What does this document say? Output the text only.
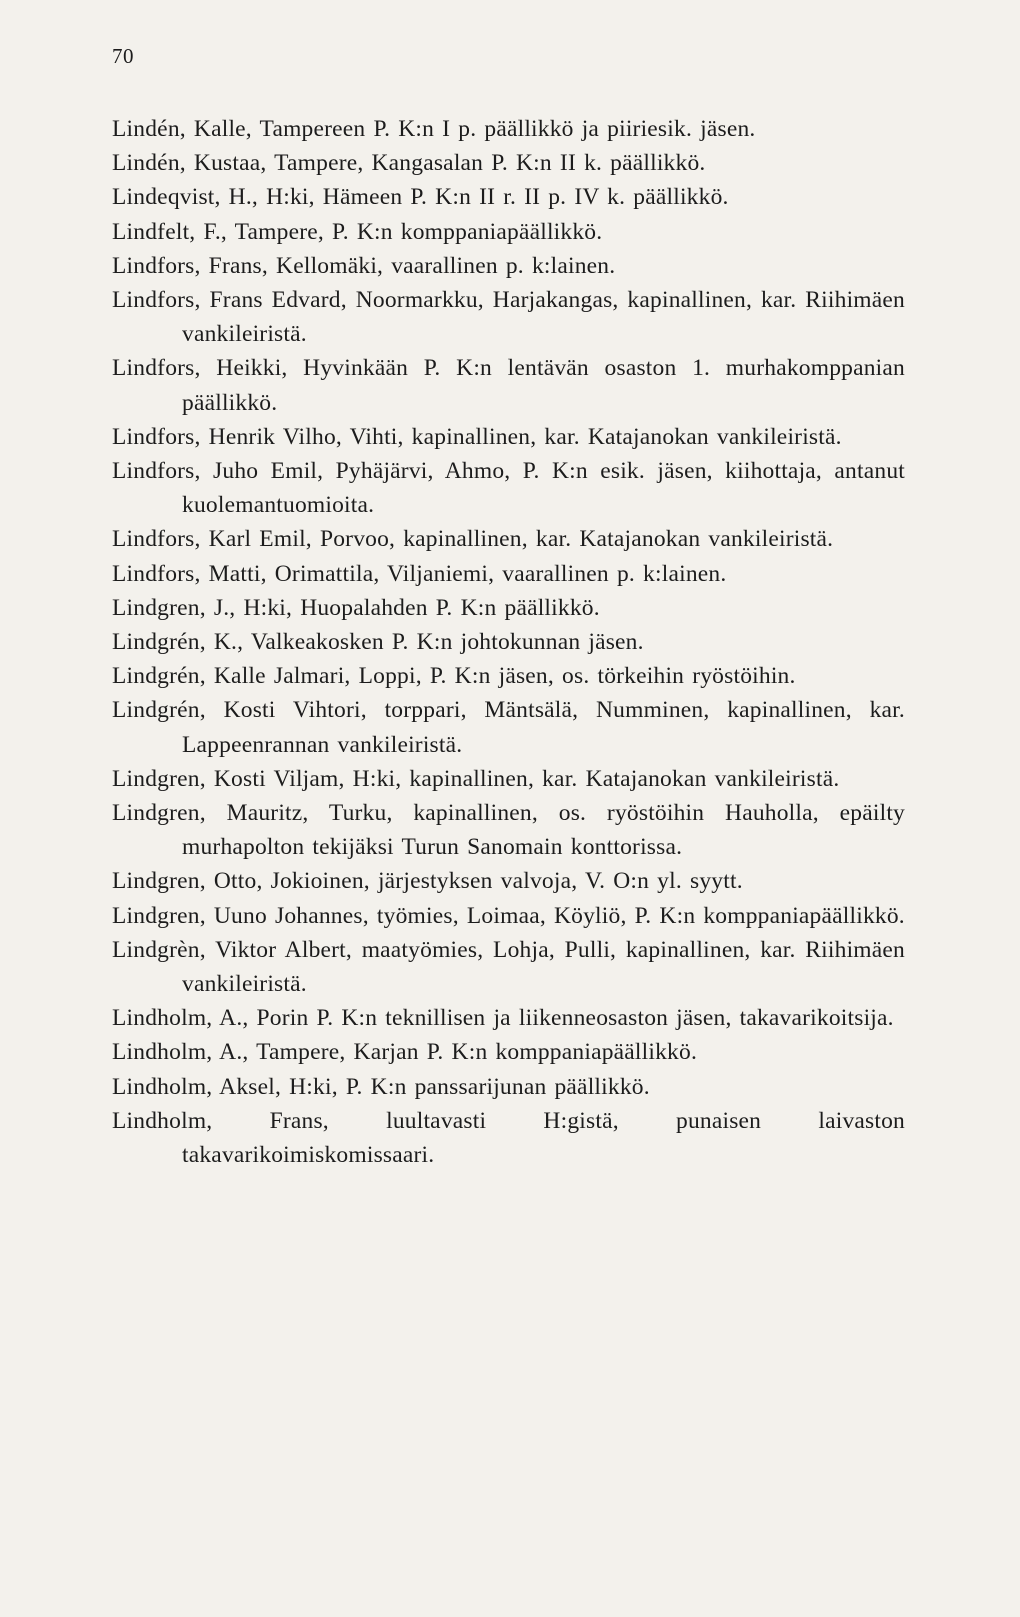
70

Lindén, Kalle, Tampereen P. K:n I p. päällikkö ja piiriesik. jäsen.

Lindén, Kustaa, Tampere, Kangasalan P. K:n II k. päällikkö.

Lindeqvist, H., H:ki, Hämeen P. K:n II r. II p. IV k. päällikkö.

Lindfelt, F., Tampere, P. K:n komppaniapäällikkö.

Lindfors, Frans, Kellomäki, vaarallinen p. k:lainen.

Lindfors, Frans Edvard, Noormarkku, Harjakangas, kapinallinen, kar. Riihimäen vankileiristä.

Lindfors, Heikki, Hyvinkään P. K:n lentävän osaston 1. murhakomppanian päällikkö.

Lindfors, Henrik Vilho, Vihti, kapinallinen, kar. Katajanokan vankileiristä.

Lindfors, Juho Emil, Pyhäjärvi, Ahmo, P. K:n esik. jäsen, kiihottaja, antanut kuolemantuomioita.

Lindfors, Karl Emil, Porvoo, kapinallinen, kar. Katajanokan vankileiristä.

Lindfors, Matti, Orimattila, Viljaniemi, vaarallinen p. k:lainen.

Lindgren, J., H:ki, Huopalahden P. K:n päällikkö.

Lindgrén, K., Valkeakosken P. K:n johtokunnan jäsen.

Lindgrén, Kalle Jalmari, Loppi, P. K:n jäsen, os. törkeihin ryöstöihin.

Lindgrén, Kosti Vihtori, torppari, Mäntsälä, Numminen, kapinallinen, kar. Lappeenrannan vankileiristä.

Lindgren, Kosti Viljam, H:ki, kapinallinen, kar. Katajanokan vankileiristä.

Lindgren, Mauritz, Turku, kapinallinen, os. ryöstöihin Hauholla, epäilty murhapolton tekijäksi Turun Sanomain konttorissa.

Lindgren, Otto, Jokioinen, järjestyksen valvoja, V. O:n yl. syytt.

Lindgren, Uuno Johannes, työmies, Loimaa, Köyliö, P. K:n komppaniapäällikkö.

Lindgrèn, Viktor Albert, maatyömies, Lohja, Pulli, kapinallinen, kar. Riihimäen vankileiristä.

Lindholm, A., Porin P. K:n teknillisen ja liikenneosaston jäsen, takavarikoitsija.

Lindholm, A., Tampere, Karjan P. K:n komppaniapäällikkö.

Lindholm, Aksel, H:ki, P. K:n panssarijunan päällikkö.

Lindholm, Frans, luultavasti H:gistä, punaisen laivaston takavarikoimiskomissaari.
